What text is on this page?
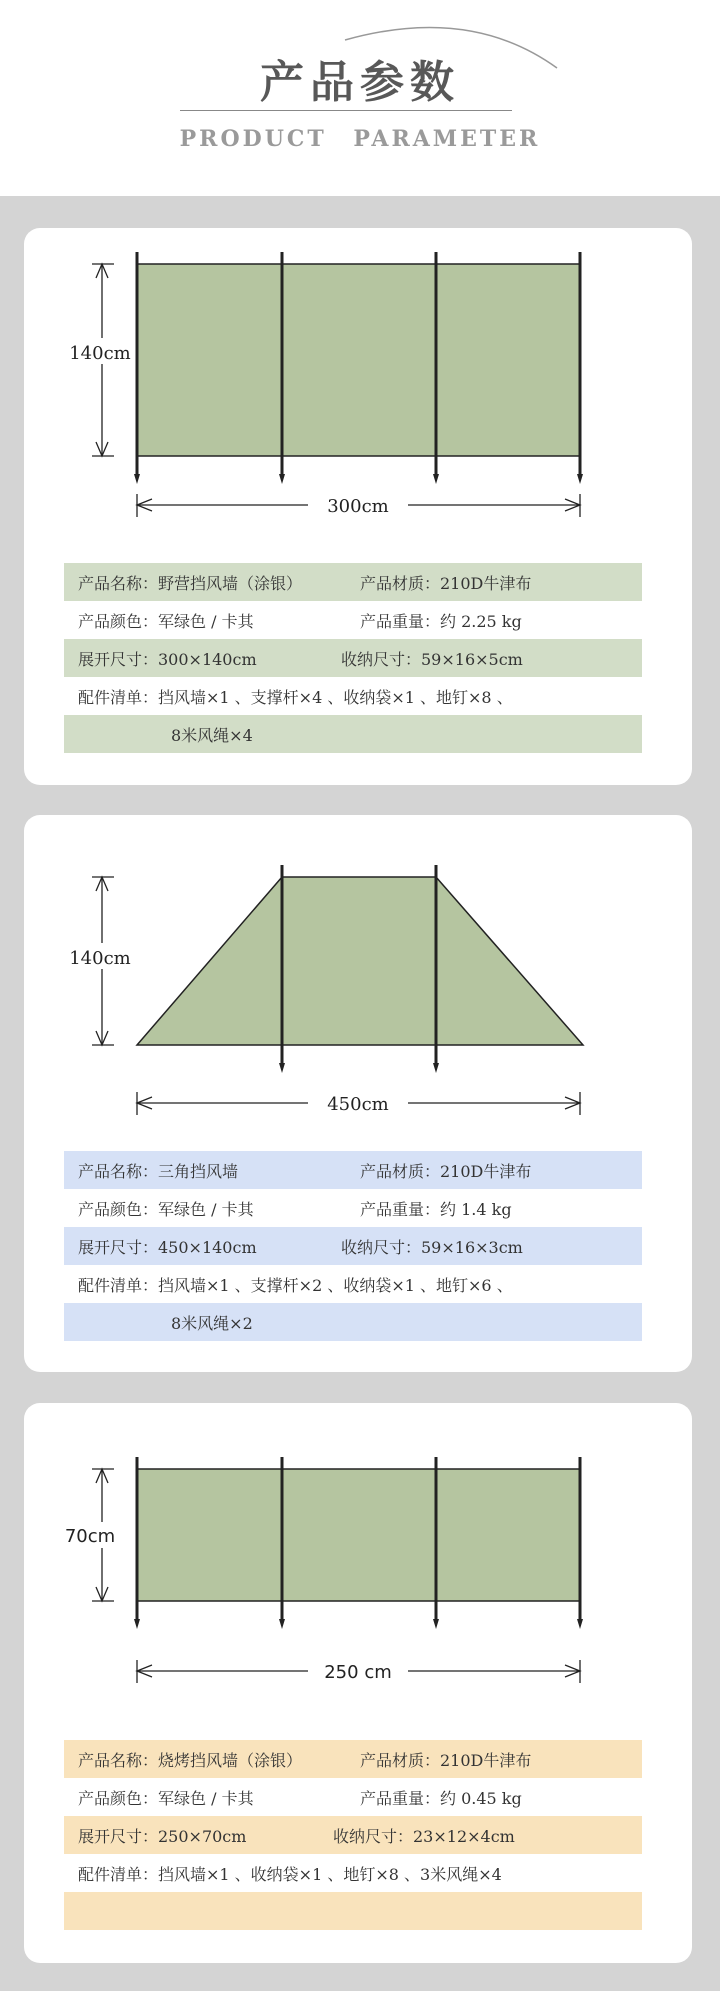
产品参数
PRODUCT PARAMETER
140cm
300cm
产品名称：野营挡风墙（涂银）	产品材质：210D牛津布
产品颜色：军绿色 / 卡其	产品重量：约 2.25 kg
展开尺寸：300×140cm	收纳尺寸：59×16×5cm
配件清单：挡风墙×1 、支撑杆×4 、收纳袋×1 、地钉×8 、
8米风绳×4
140cm
450cm
产品名称：三角挡风墙	产品材质：210D牛津布
产品颜色：军绿色 / 卡其	产品重量：约 1.4 kg
展开尺寸：450×140cm	收纳尺寸：59×16×3cm
配件清单：挡风墙×1 、支撑杆×2 、收纳袋×1 、地钉×6 、
8米风绳×2
70cm
250 cm
产品名称：烧烤挡风墙（涂银）	产品材质：210D牛津布
产品颜色：军绿色 / 卡其	产品重量：约 0.45 kg
展开尺寸：250×70cm	收纳尺寸：23×12×4cm
配件清单：挡风墙×1 、收纳袋×1 、地钉×8 、3米风绳×4
